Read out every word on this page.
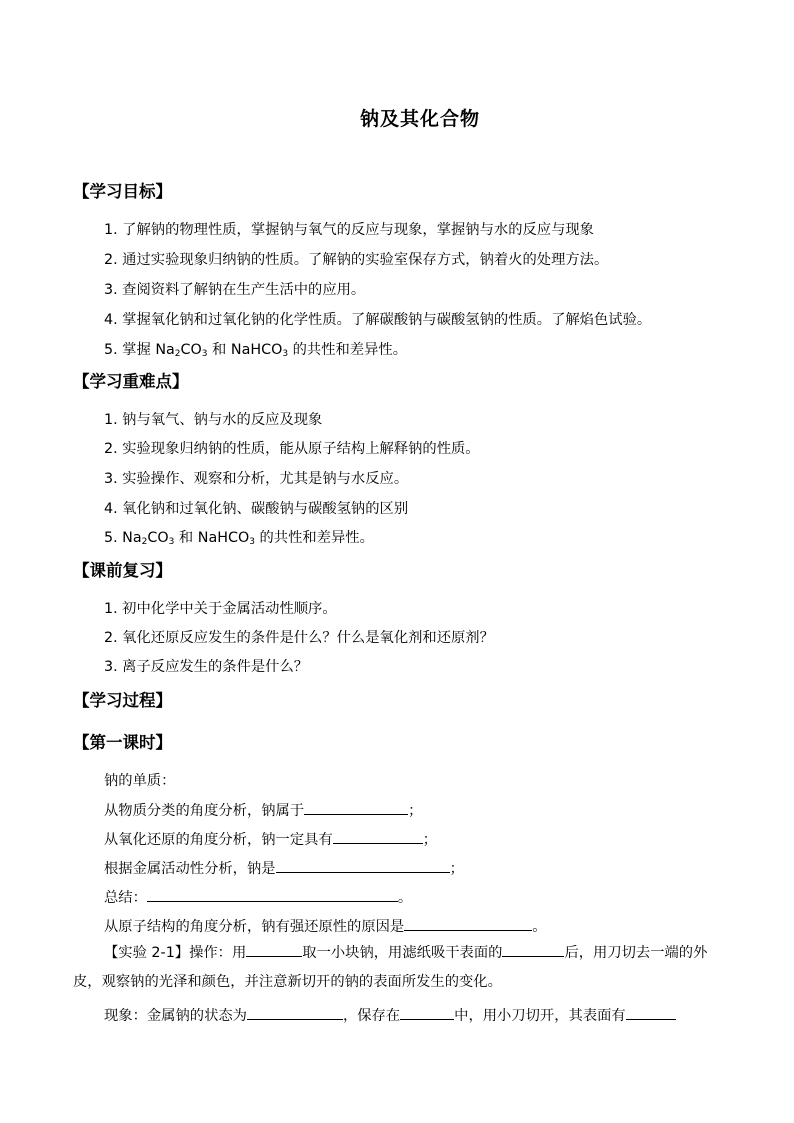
钠及其化合物
【学习目标】
1. 了解钠的物理性质，掌握钠与氧气的反应与现象，掌握钠与水的反应与现象
2. 通过实验现象归纳钠的性质。了解钠的实验室保存方式，钠着火的处理方法。
3. 查阅资料了解钠在生产生活中的应用。
4. 掌握氧化钠和过氧化钠的化学性质。了解碳酸钠与碳酸氢钠的性质。了解焰色试验。
5. 掌握 $Na_2CO_3$ 和 NaHCO$_3$ 的共性和差异性。
【学习重难点】
1. 钠与氧气、钠与水的反应及现象
2. 实验现象归纳钠的性质，能从原子结构上解释钠的性质。
3. 实验操作、观察和分析，尤其是钠与水反应。
4. 氧化钠和过氧化钠、碳酸钠与碳酸氢钠的区别
5. $Na_2CO_3$ 和 NaHCO$_3$ 的共性和差异性。
【课前复习】
1. 初中化学中关于金属活动性顺序。
2. 氧化还原反应发生的条件是什么？什么是氧化剂和还原剂？
3. 离子反应发生的条件是什么？
【学习过程】
【第一课时】
钠的单质：
从物质分类的角度分析，钠属于	；
从氧化还原的角度分析，钠一定具有	；
根据金属活动性分析，钠是	；
总结：	。
从原子结构的角度分析，钠有强还原性的原因是	。
【实验 2-1】操作：用	取一小块钠，用滤纸吸干表面的	后，用刀切去一端的外皮，观察钠的光泽和颜色，并注意新切开的钠的表面所发生的变化。
现象：金属钠的状态为	，保存在	中，用小刀切开，其表面有
